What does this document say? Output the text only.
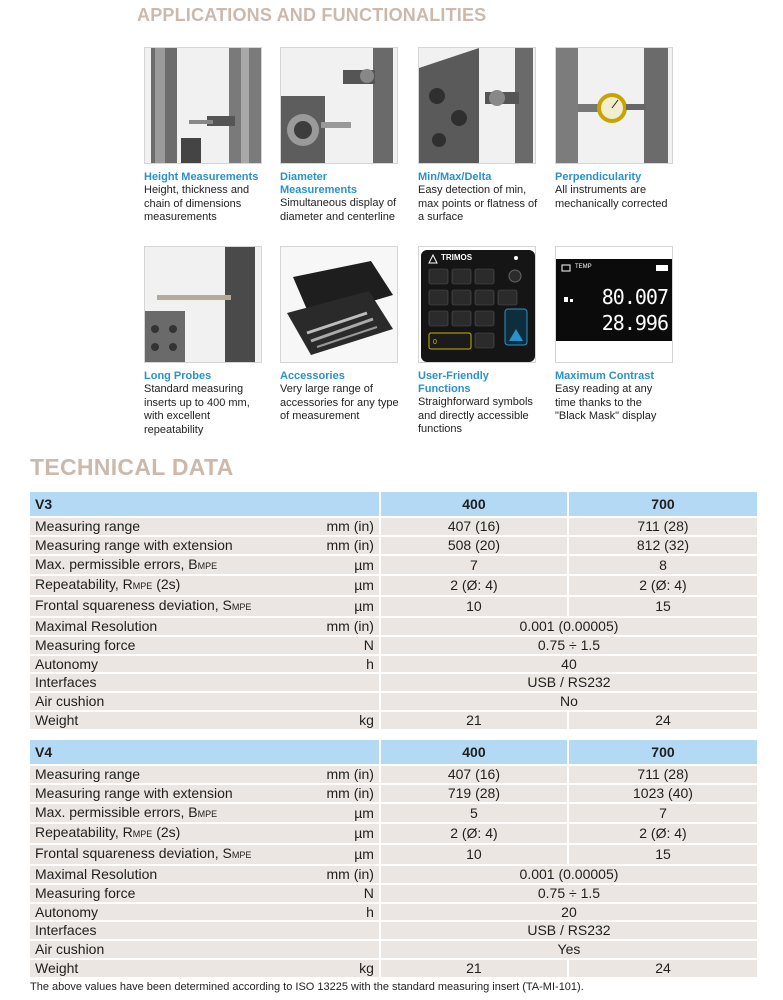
APPLICATIONS AND FUNCTIONALITIES
Height Measurements
Height, thickness and chain of dimensions measurements
Diameter Measurements
Simultaneous display of diameter and centerline
Min/Max/Delta
Easy detection of min, max points or flatness of a surface
Perpendicularity
All instruments are mechanically corrected
Long Probes
Standard measuring inserts up to 400 mm, with excellent repeatability
Accessories
Very large range of accessories for any type of measurement
0
TRIMOS
User-Friendly Functions
Straighforward symbols and directly accessible functions
TEMP
80.007
28.996
Maximum Contrast
Easy reading at any time thanks to the "Black Mask" display
TECHNICAL DATA
V3		400	700
Measuring range	mm (in)	407 (16)	711 (28)
Measuring range with extension	mm (in)	508 (20)	812 (32)
Max. permissible errors, BMPE	µm	7	8
Repeatability, RMPE (2s)	µm	2 (Ø: 4)	2 (Ø: 4)
Frontal squareness deviation, SMPE	µm	10	15
Maximal Resolution	mm (in)	0.001 (0.00005)	
Measuring force	N	0.75 ÷ 1.5	
Autonomy	h	40	
Interfaces		USB / RS232	
Air cushion		No	
Weight	kg	21	24
V4		400	700
Measuring range	mm (in)	407 (16)	711 (28)
Measuring range with extension	mm (in)	719 (28)	1023 (40)
Max. permissible errors, BMPE	µm	5	7
Repeatability, RMPE (2s)	µm	2 (Ø: 4)	2 (Ø: 4)
Frontal squareness deviation, SMPE	µm	10	15
Maximal Resolution	mm (in)	0.001 (0.00005)	
Measuring force	N	0.75 ÷ 1.5	
Autonomy	h	20	
Interfaces		USB / RS232	
Air cushion		Yes	
Weight	kg	21	24
The above values have been determined according to ISO 13225 with the standard measuring insert (TA-MI-101).
